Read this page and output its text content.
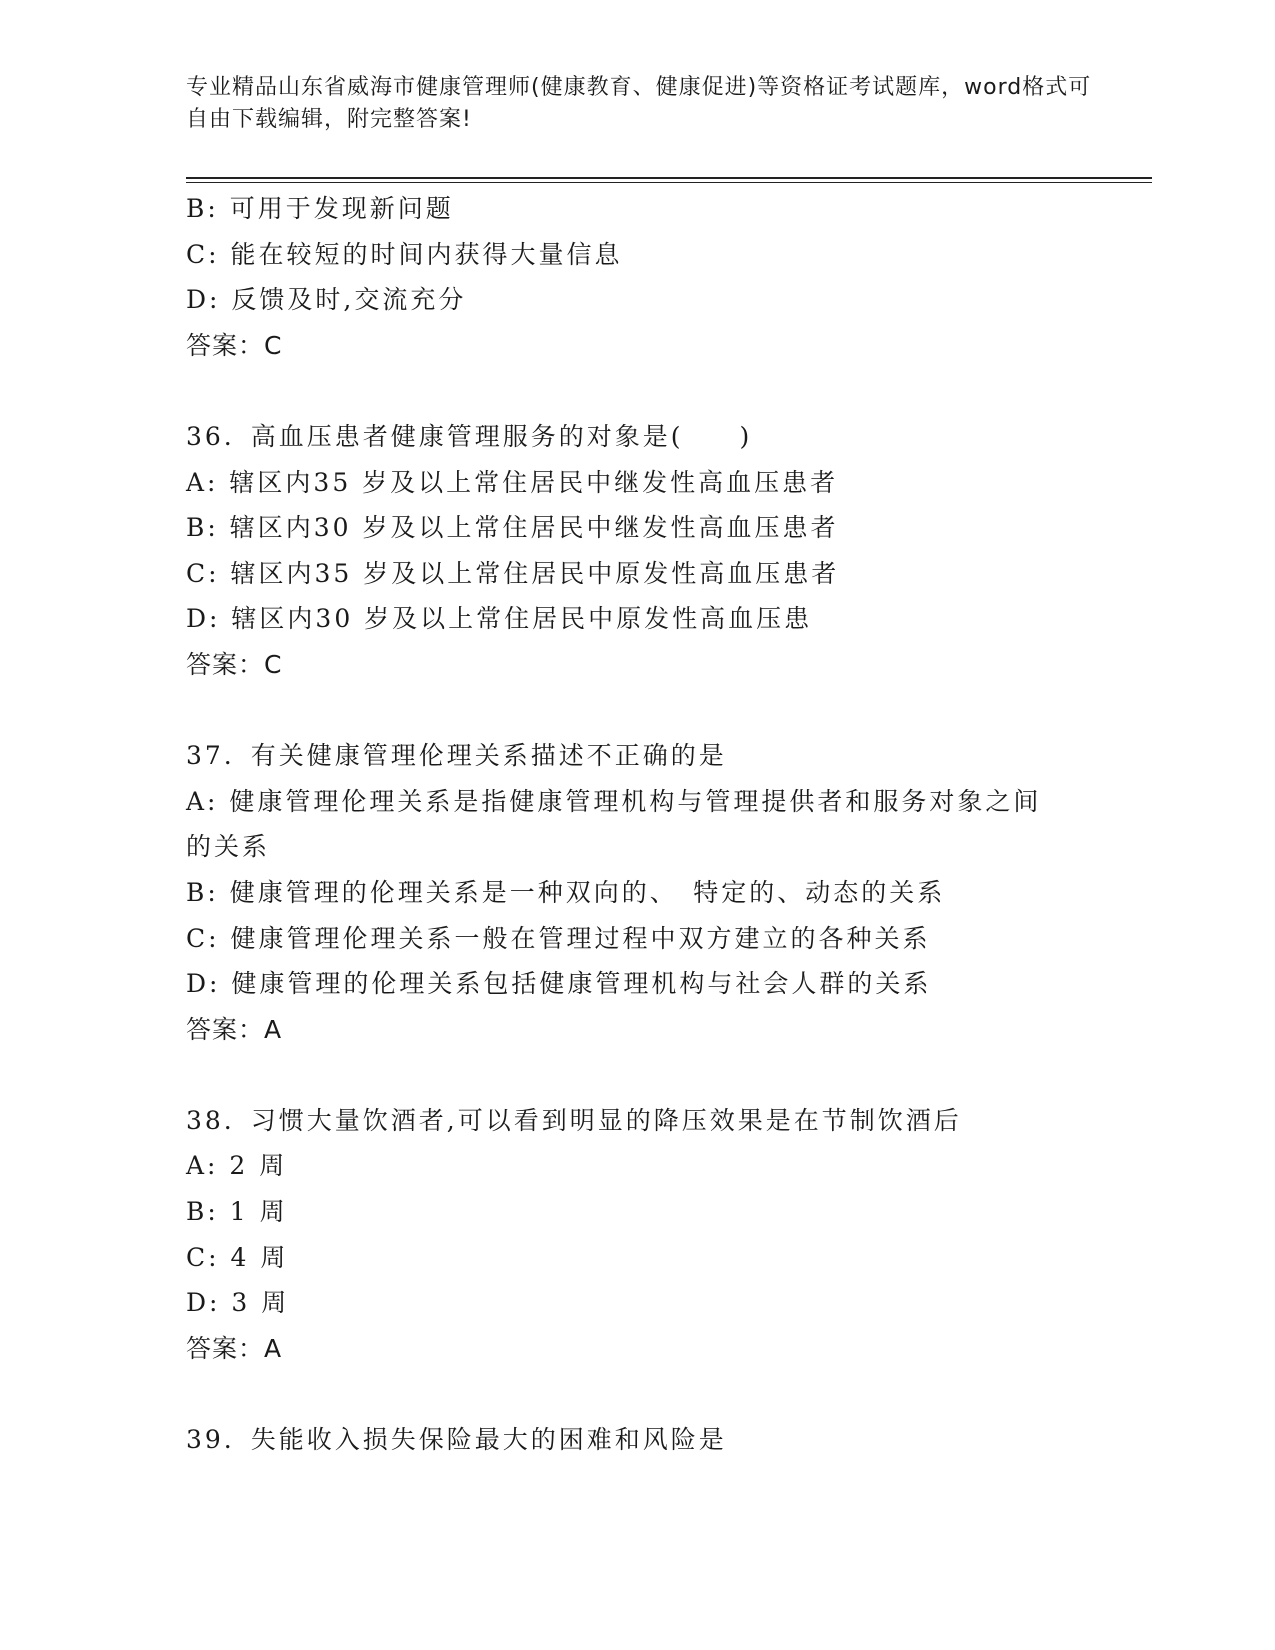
专业精品山东省威海市健康管理师(健康教育、健康促进)等资格证考试题库，word格式可自由下载编辑，附完整答案!
B: 可用于发现新问题
C: 能在较短的时间内获得大量信息
D: 反馈及时,交流充分
答案：C
36. 高血压患者健康管理服务的对象是(　　)
A: 辖区内35 岁及以上常住居民中继发性高血压患者
B: 辖区内30 岁及以上常住居民中继发性高血压患者
C: 辖区内35 岁及以上常住居民中原发性高血压患者
D: 辖区内30 岁及以上常住居民中原发性高血压患
答案：C
37. 有关健康管理伦理关系描述不正确的是
A: 健康管理伦理关系是指健康管理机构与管理提供者和服务对象之间的关系
B: 健康管理的伦理关系是一种双向的、　特定的、动态的关系
C: 健康管理伦理关系一般在管理过程中双方建立的各种关系
D: 健康管理的伦理关系包括健康管理机构与社会人群的关系
答案：A
38. 习惯大量饮酒者,可以看到明显的降压效果是在节制饮酒后
A: 2 周
B: 1 周
C: 4 周
D: 3 周
答案：A
39. 失能收入损失保险最大的困难和风险是
